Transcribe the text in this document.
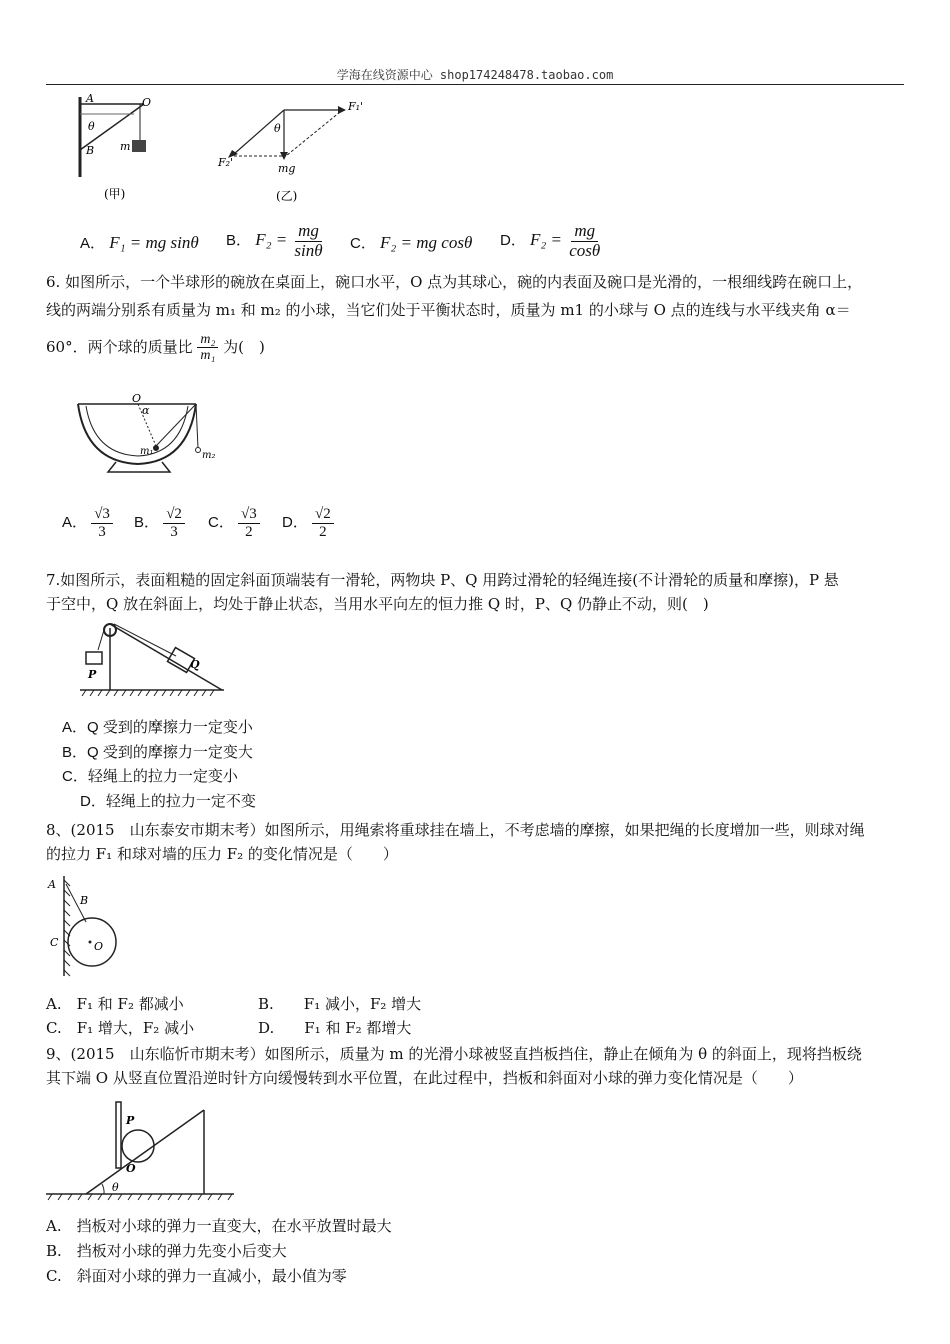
学海在线资源中心 shop174248478.taobao.com
A	O
θ
B m
(甲)
F₁'
θ
F₂'	mg
(乙)
A． F₁ = mg sinθ B． $F_2 = \frac{mg}{\sin\theta}$ C． F₂ = mg cosθ D． $F_2 = \frac{mg}{\cos\theta}$
6. 如图所示，一个半球形的碗放在桌面上，碗口水平，O 点为其球心，碗的内表面及碗口是光滑的，一根细线跨在碗口上，
线的两端分别系有质量为 m₁ 和 m₂ 的小球，当它们处于平衡状态时，质量为 m1 的小球与 O 点的连线与水平线夹角 α＝
60°．两个球的质量比 $\frac{\text{m₂}}{\text{m₁}}$ 为(　)
O
α
m₁	m₂
A． $\frac{√3}{3}$ B． $\frac{√2}{3}$ C． $\frac{√3}{2}$ D． $\frac{√2}{2}$
7.如图所示，表面粗糙的固定斜面顶端装有一滑轮，两物块 P、Q 用跨过滑轮的轻绳连接(不计滑轮的质量和摩擦)，P 悬
于空中，Q 放在斜面上，均处于静止状态，当用水平向左的恒力推 Q 时，P、Q 仍静止不动，则(　)
P
Q
A．Q 受到的摩擦力一定变小
B．Q 受到的摩擦力一定变大
C．轻绳上的拉力一定变小
D．轻绳上的拉力一定不变
8、(2015　山东泰安市期末考）如图所示，用绳索将重球挂在墙上，不考虑墙的摩擦，如果把绳的长度增加一些，则球对绳
的拉力 F₁ 和球对墙的压力 F₂ 的变化情况是（　　）
A
B
C	O
A.　F₁ 和 F₂ 都减小	B.　　F₁ 减小，F₂ 增大
C.　F₁ 增大，F₂ 减小	D.　　F₁ 和 F₂ 都增大
9、(2015　山东临忻市期末考）如图所示，质量为 m 的光滑小球被竖直挡板挡住，静止在倾角为 θ 的斜面上，现将挡板绕
其下端 O 从竖直位置沿逆时针方向缓慢转到水平位置，在此过程中，挡板和斜面对小球的弹力变化情况是（　　）
P
O
θ
A.　挡板对小球的弹力一直变大，在水平放置时最大
B.　挡板对小球的弹力先变小后变大
C.　斜面对小球的弹力一直减小，最小值为零
